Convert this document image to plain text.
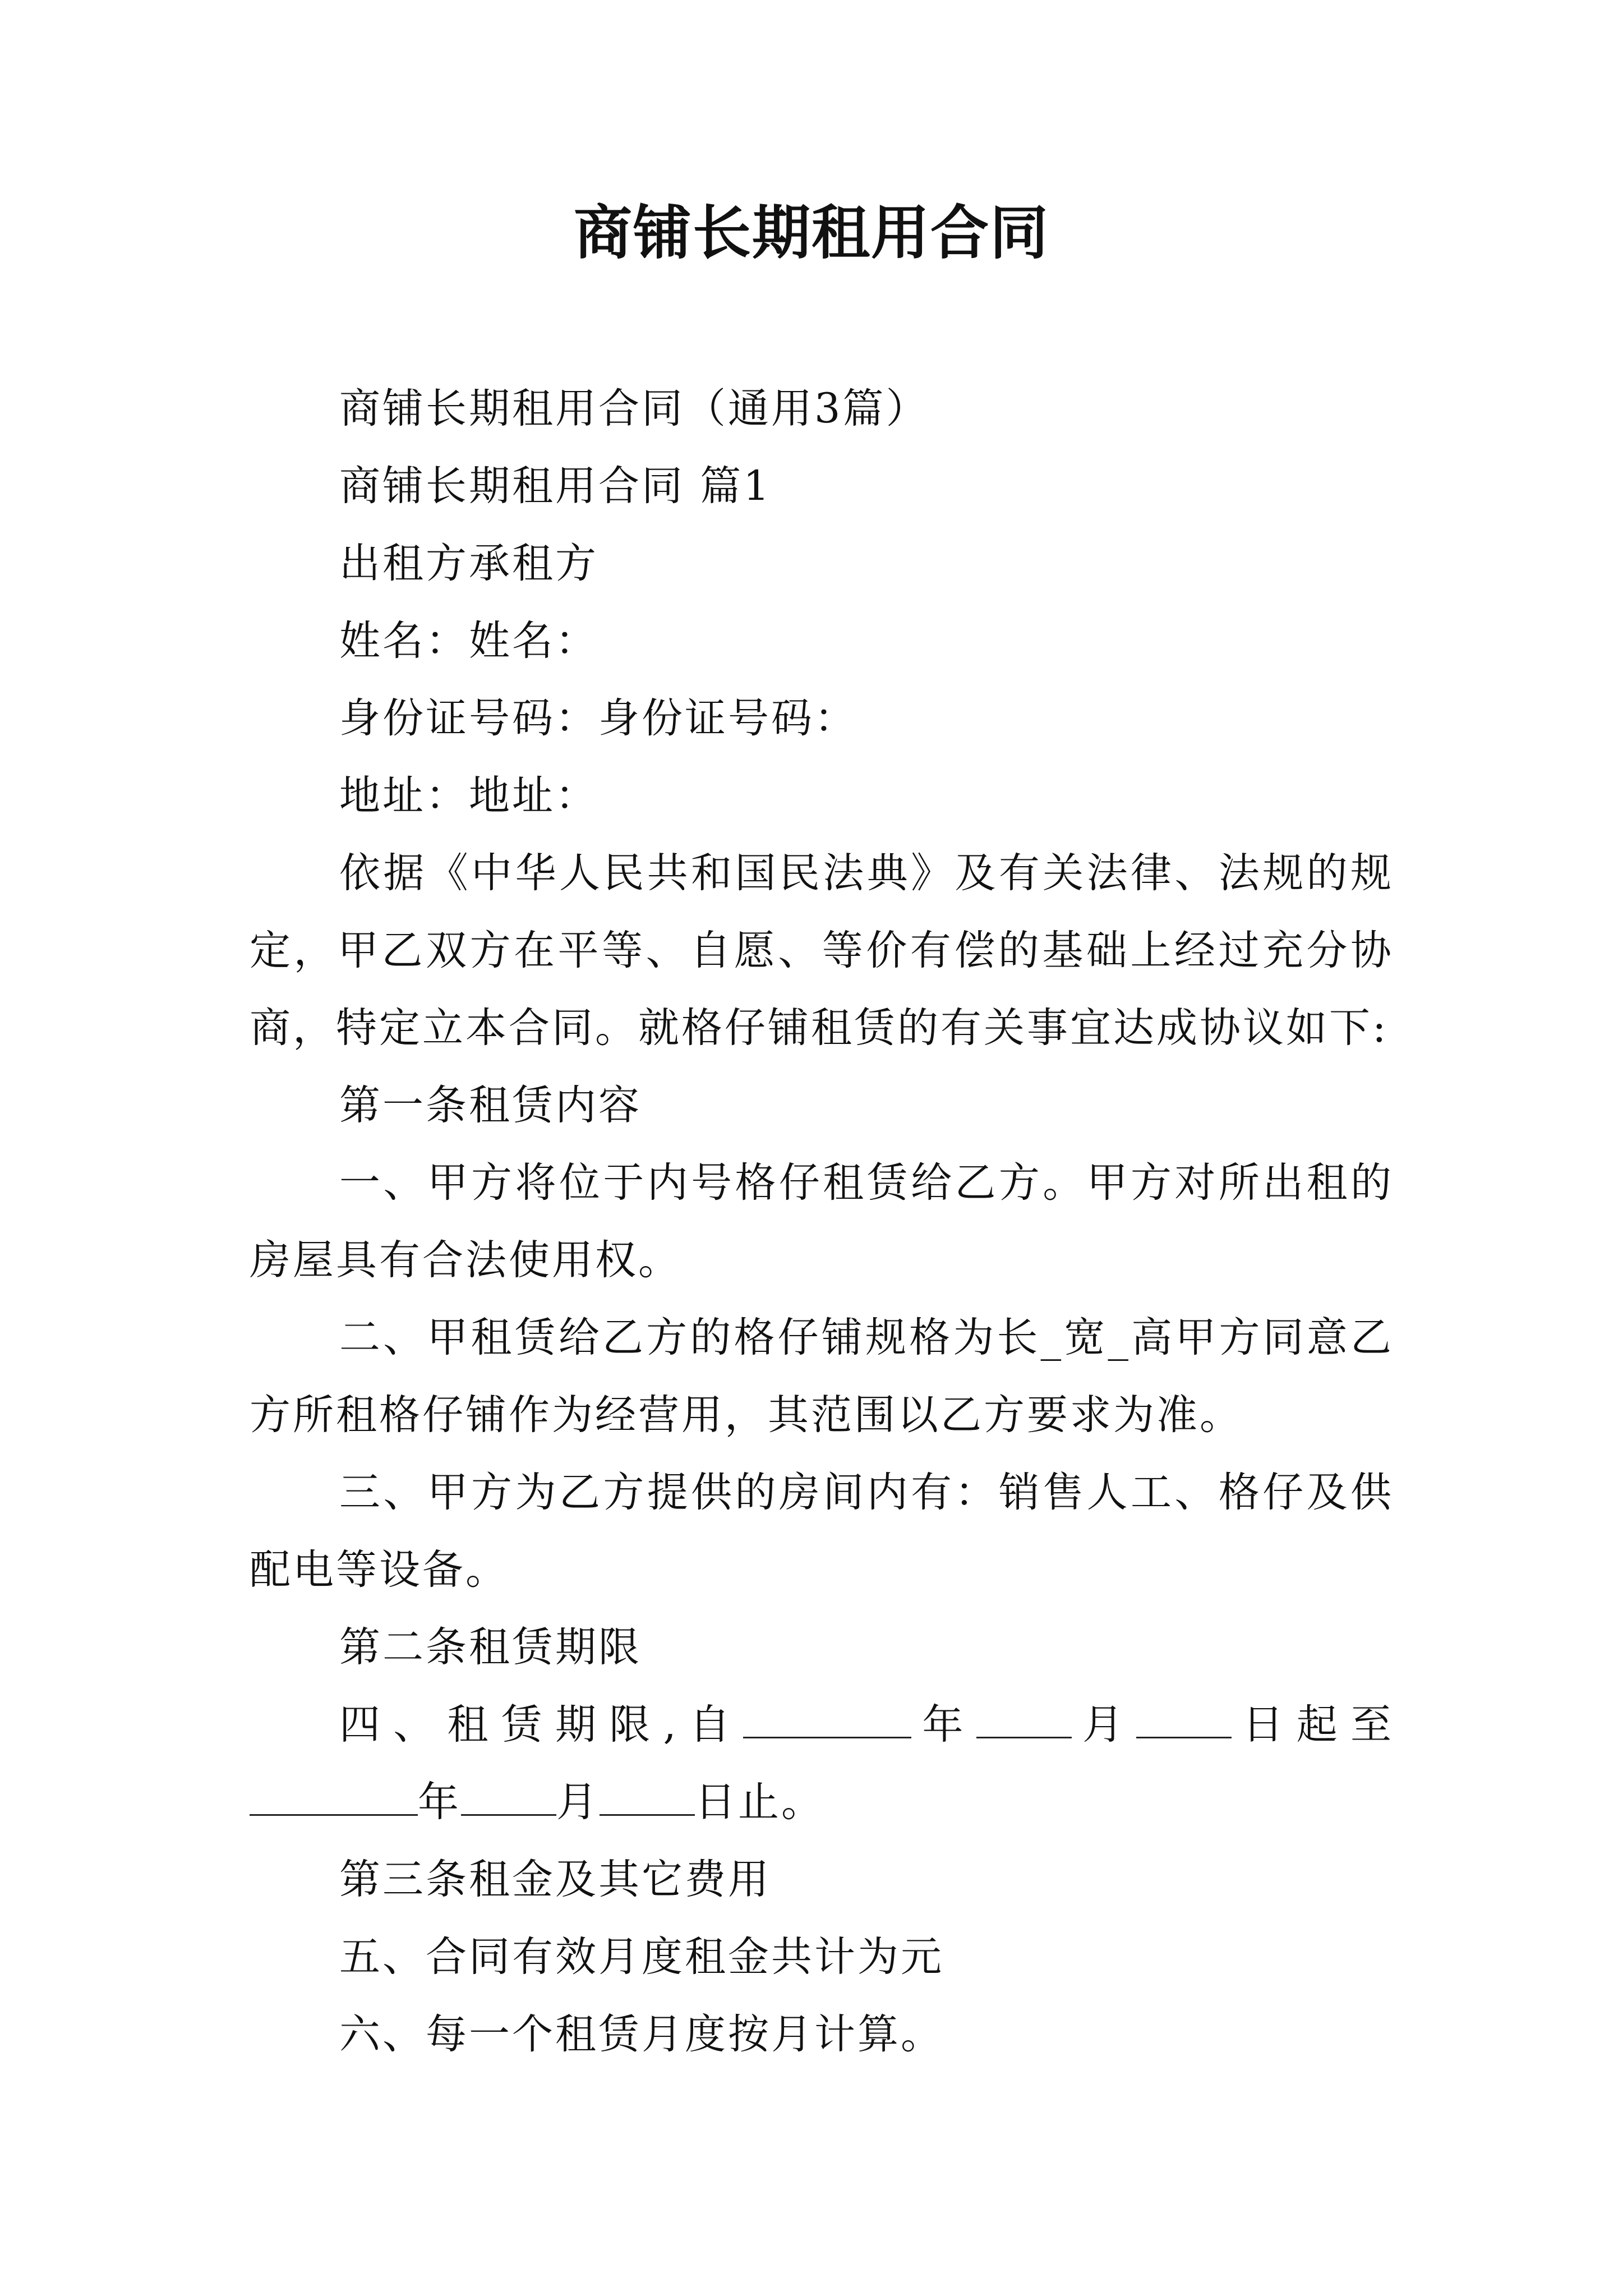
商铺长期租用合同

商铺长期租用合同（通用3篇）

商铺长期租用合同 篇1

出租方承租方

姓名：姓名：

身份证号码：身份证号码：

地址：地址：

依据《中华人民共和国民法典》及有关法律、法规的规定，甲乙双方在平等、自愿、等价有偿的基础上经过充分协商，特定立本合同。就格仔铺租赁的有关事宜达成协议如下:

第一条租赁内容

一、甲方将位于内号格仔租赁给乙方。甲方对所出租的房屋具有合法使用权。

二、甲租赁给乙方的格仔铺规格为长_宽_高甲方同意乙方所租格仔铺作为经营用，其范围以乙方要求为准。

三、甲方为乙方提供的房间内有：销售人工、格仔及供配电等设备。

第二条租赁期限

四、租赁期限,自	年 月 日起至年 月 日止。

第三条租金及其它费用

五、合同有效月度租金共计为元

六、每一个租赁月度按月计算。
